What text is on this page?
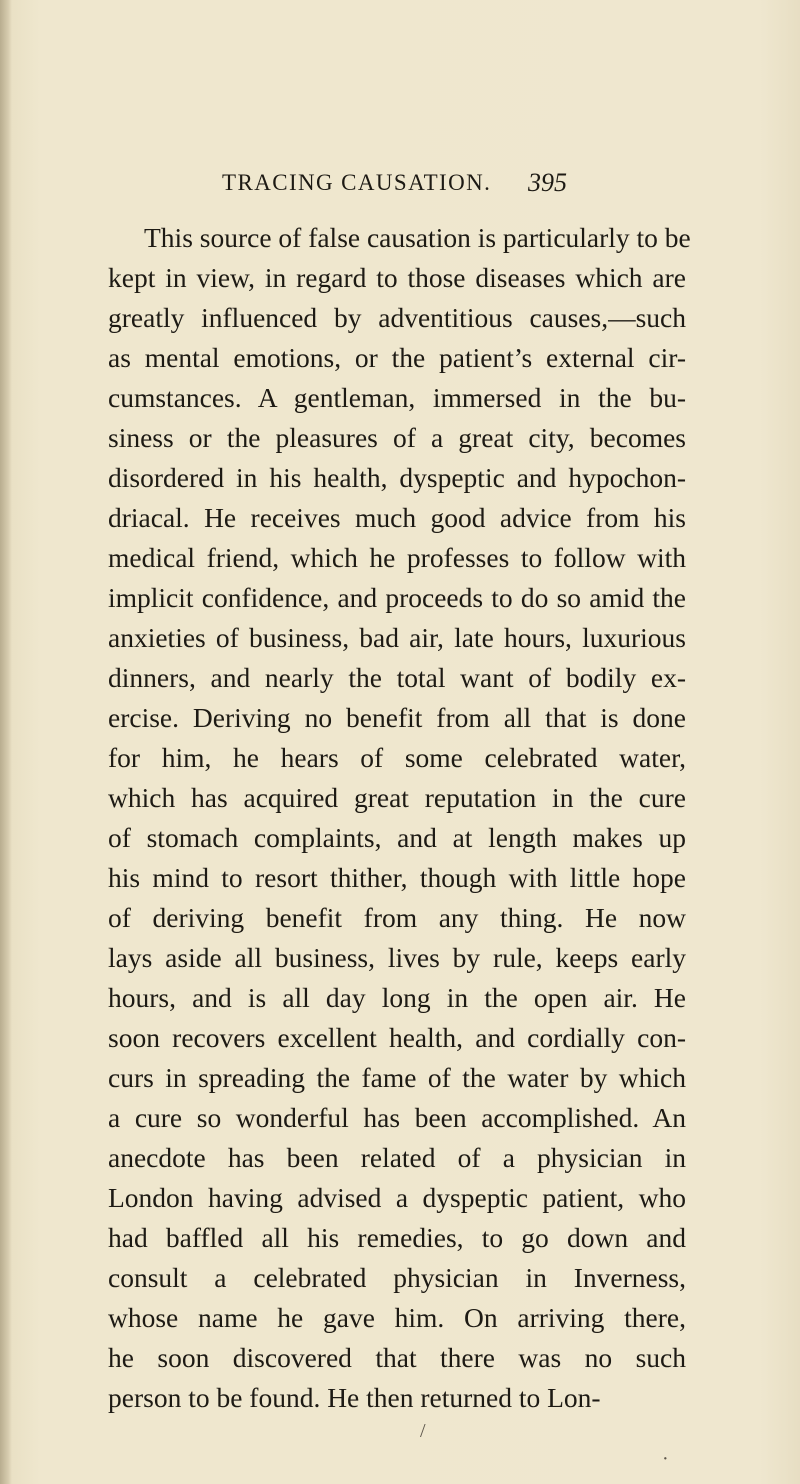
TRACING CAUSATION. 395
This source of false causation is particularly to be
kept in view, in regard to those diseases which are
greatly influenced by adventitious causes,—such
as mental emotions, or the patient’s external cir-
cumstances. A gentleman, immersed in the bu-
siness or the pleasures of a great city, becomes
disordered in his health, dyspeptic and hypochon-
driacal. He receives much good advice from his
medical friend, which he professes to follow with
implicit confidence, and proceeds to do so amid the
anxieties of business, bad air, late hours, luxurious
dinners, and nearly the total want of bodily ex-
ercise. Deriving no benefit from all that is done
for him, he hears of some celebrated water,
which has acquired great reputation in the cure
of stomach complaints, and at length makes up
his mind to resort thither, though with little hope
of deriving benefit from any thing. He now
lays aside all business, lives by rule, keeps early
hours, and is all day long in the open air. He
soon recovers excellent health, and cordially con-
curs in spreading the fame of the water by which
a cure so wonderful has been accomplished. An
anecdote has been related of a physician in
London having advised a dyspeptic patient, who
had baffled all his remedies, to go down and
consult a celebrated physician in Inverness,
whose name he gave him. On arriving there,
he soon discovered that there was no such
person to be found. He then returned to Lon-
/
·
